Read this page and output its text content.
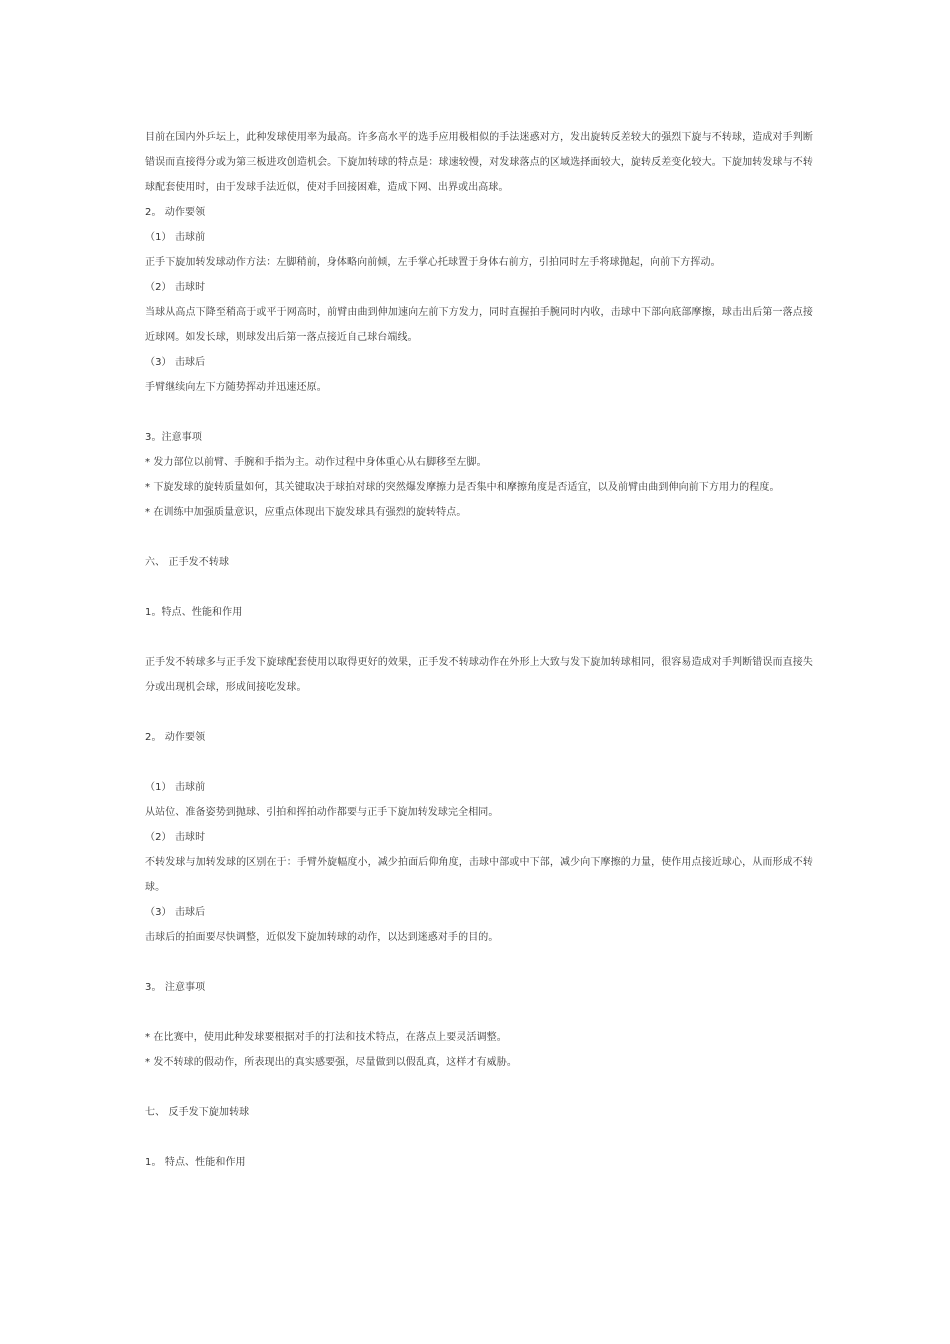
目前在国内外乒坛上，此种发球使用率为最高。许多高水平的选手应用极相似的手法迷惑对方，发出旋转反差较大的强烈下旋与不转球，造成对手判断错误而直接得分或为第三板进攻创造机会。下旋加转球的特点是：球速较慢，对发球落点的区域选择面较大，旋转反差变化较大。下旋加转发球与不转球配套使用时，由于发球手法近似，使对手回接困难，造成下网、出界或出高球。
2。 动作要领
（1） 击球前
正手下旋加转发球动作方法：左脚稍前，身体略向前倾，左手掌心托球置于身体右前方，引拍同时左手将球抛起，向前下方挥动。
（2） 击球时
当球从高点下降至稍高于或平于网高时，前臂由曲到伸加速向左前下方发力，同时直握拍手腕同时内收，击球中下部向底部摩擦，球击出后第一落点接近球网。如发长球，则球发出后第一落点接近自己球台端线。
（3） 击球后
手臂继续向左下方随势挥动并迅速还原。
3。注意事项
* 发力部位以前臂、手腕和手指为主。动作过程中身体重心从右脚移至左脚。
* 下旋发球的旋转质量如何，其关键取决于球拍对球的突然爆发摩擦力是否集中和摩擦角度是否适宜，以及前臂由曲到伸向前下方用力的程度。
* 在训练中加强质量意识，应重点体现出下旋发球具有强烈的旋转特点。
六、 正手发不转球
1。特点、性能和作用
正手发不转球多与正手发下旋球配套使用以取得更好的效果，正手发不转球动作在外形上大致与发下旋加转球相同，很容易造成对手判断错误而直接失分或出现机会球，形成间接吃发球。
2。 动作要领
（1） 击球前
从站位、准备姿势到抛球、引拍和挥拍动作都要与正手下旋加转发球完全相同。
（2） 击球时
不转发球与加转发球的区别在于：手臂外旋幅度小，减少拍面后仰角度，击球中部或中下部，减少向下摩擦的力量，使作用点接近球心，从而形成不转球。
（3） 击球后
击球后的拍面要尽快调整，近似发下旋加转球的动作，以达到迷惑对手的目的。
3。 注意事项
* 在比赛中，使用此种发球要根据对手的打法和技术特点，在落点上要灵活调整。
* 发不转球的假动作，所表现出的真实感要强，尽量做到以假乱真，这样才有威胁。
七、 反手发下旋加转球
1。 特点、性能和作用
